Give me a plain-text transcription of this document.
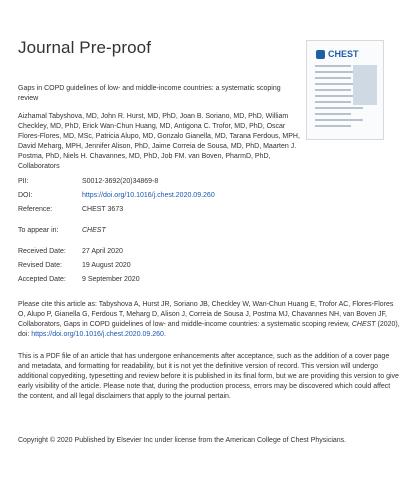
Journal Pre-proof	CHEST
Gaps in COPD guidelines of low- and middle-income countries: a systematic scoping review
Aizhamal Tabyshova, MD, John R. Hurst, MD, PhD, Joan B. Soriano, MD, PhD, William Checkley, MD, PhD, Erick Wan-Chun Huang, MD, Antigona C. Trofor, MD, PhD, Oscar Flores-Flores, MD, MSc, Patricia Alupo, MD, Gonzalo Gianella, MD, Tarana Ferdous, MPH, David Meharg, MPH, Jennifer Alison, PhD, Jaime Correia de Sousa, MD, PhD, Maarten J. Postma, PhD, Niels H. Chavannes, MD, PhD, Job FM. van Boven, PharmD, PhD, Collaborators
PII:	S0012-3692(20)34869-8
DOI:	https://doi.org/10.1016/j.chest.2020.09.260
Reference:	CHEST 3673
To appear in:	CHEST
Received Date: 27 April 2020
Revised Date:	19 August 2020
Accepted Date: 9 September 2020
Please cite this article as: Tabyshova A, Hurst JR, Soriano JB, Checkley W, Wan-Chun Huang E, Trofor AC, Flores-Flores O, Alupo P, Gianella G, Ferdous T, Meharg D, Alison J, Correia de Sousa J, Postma MJ, Chavannes NH, van Boven JF, Collaborators, Gaps in COPD guidelines of low- and middle-income countries: a systematic scoping review, CHEST (2020), doi: https://doi.org/10.1016/j.chest.2020.09.260.
This is a PDF file of an article that has undergone enhancements after acceptance, such as the addition of a cover page and metadata, and formatting for readability, but it is not yet the definitive version of record. This version will undergo additional copyediting, typesetting and review before it is published in its final form, but we are providing this version to give early visibility of the article. Please note that, during the production process, errors may be discovered which could affect the content, and all legal disclaimers that apply to the journal pertain.
Copyright © 2020 Published by Elsevier Inc under license from the American College of Chest Physicians.
